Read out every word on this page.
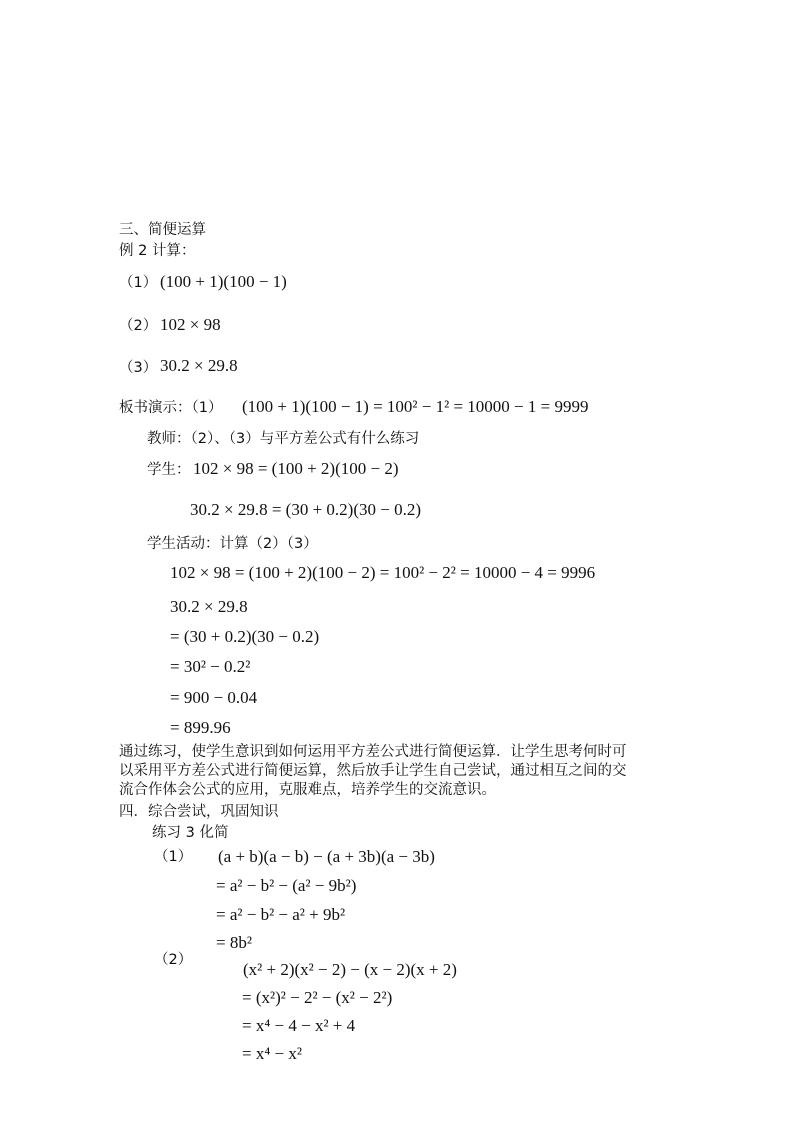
三、简便运算
例 2 计算：
（1） (100 + 1)(100 − 1)
（2） 102 × 98
（3） 30.2 × 29.8
板书演示：（1） (100 + 1)(100 − 1) = 100² − 1² = 10000 − 1 = 9999
教师：（2）、（3）与平方差公式有什么练习
学生： 102 × 98 = (100 + 2)(100 − 2)
30.2 × 29.8 = (30 + 0.2)(30 − 0.2)
学生活动：计算（2）（3）
102 × 98 = (100 + 2)(100 − 2) = 100² − 2² = 10000 − 4 = 9996
30.2 × 29.8
= (30 + 0.2)(30 − 0.2)
= 30² − 0.2²
= 900 − 0.04
= 899.96
通过练习，使学生意识到如何运用平方差公式进行简便运算．让学生思考何时可
以采用平方差公式进行简便运算，然后放手让学生自己尝试，通过相互之间的交
流合作体会公式的应用，克服难点，培养学生的交流意识。
四．综合尝试，巩固知识
练习 3 化简
（1） (a + b)(a − b) − (a + 3b)(a − 3b)
= a² − b² − (a² − 9b²)
= a² − b² − a² + 9b²
= 8b²
（2）	(x² + 2)(x² − 2) − (x − 2)(x + 2)
= (x²)² − 2² − (x² − 2²)
= x⁴ − 4 − x² + 4
= x⁴ − x²
